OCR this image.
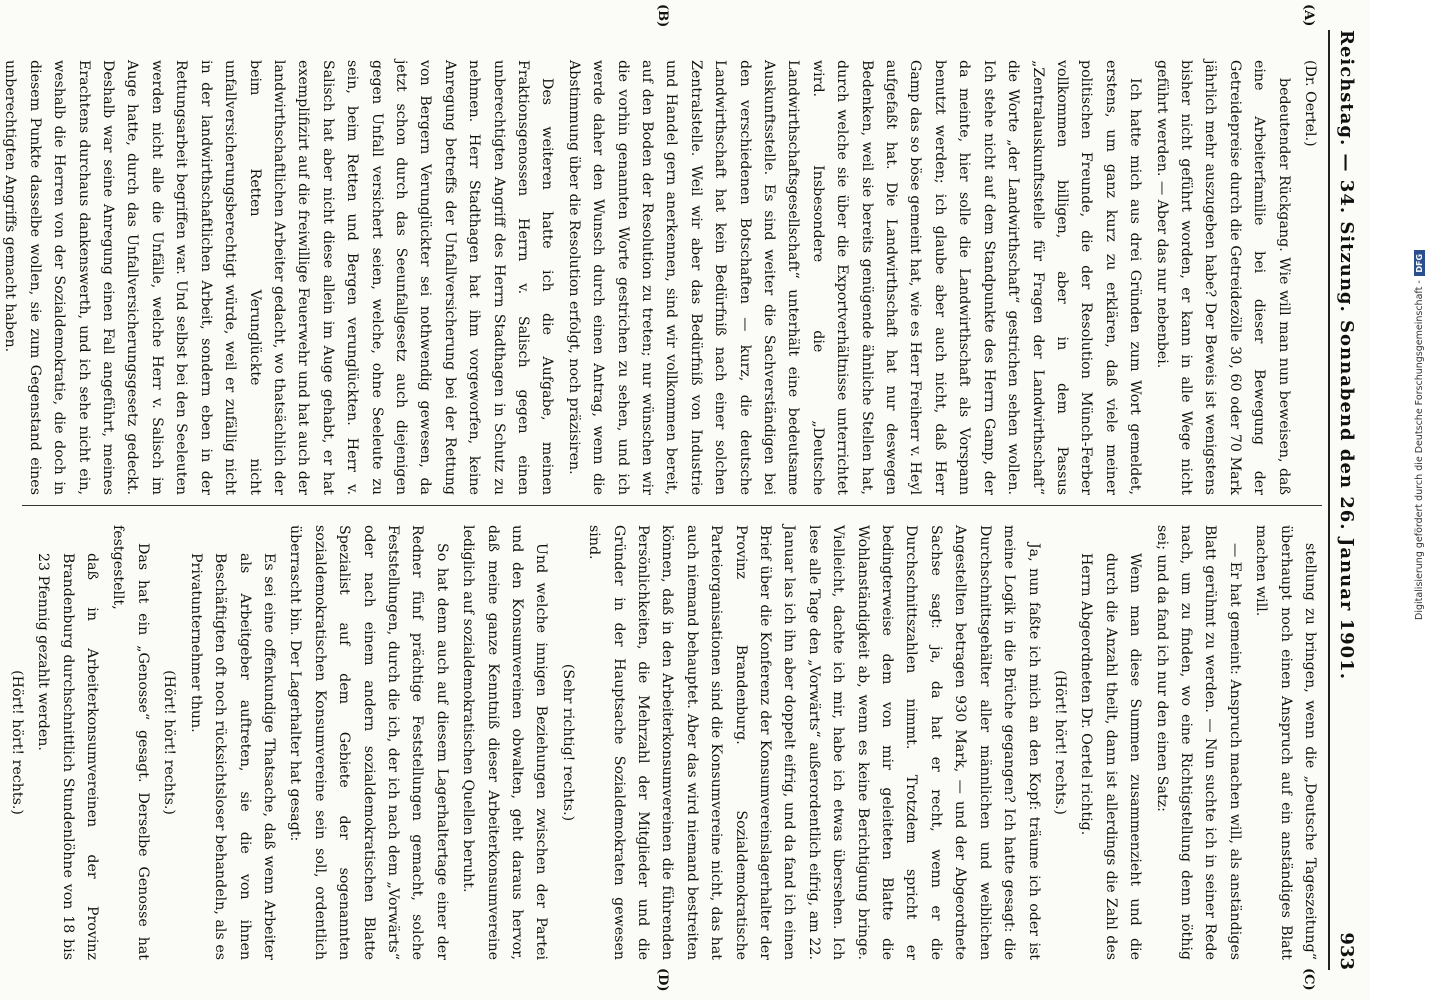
Reichstag. — 34. Sitzung. Sonnabend den 26. Januar 1901.
933
(A)
(B)
(C)
(D)

(Dr. Oertel.)

bedeutender Rückgang. Wie will man nun beweisen, daß eine Arbeiterfamilie bei dieser Bewegung der Getreidepreise durch die Getreidezölle 30, 60 oder 70 Mark jährlich mehr auszugeben habe? Der Beweis ist wenigstens bisher nicht geführt worden, er kann in alle Wege nicht geführt werden. — Aber das nur nebenbei.

Ich hatte mich aus drei Gründen zum Wort gemeldet, erstens, um ganz kurz zu erklären, daß viele meiner politischen Freunde, die der Resolution Münch-Ferber vollkommen billigen, aber in dem Passus „Zentralauskunftsstelle für Fragen der Landwirthschaft“ die Worte „der Landwirthschaft“ gestrichen sehen wollen. Ich stehe nicht auf dem Standpunkte des Herrn Gamp, der da meinte, hier solle die Landwirthschaft als Vorspann benutzt werden; ich glaube aber auch nicht, daß Herr Gamp das so böse gemeint hat, wie es Herr Freiherr v. Heyl aufgefaßt hat. Die Landwirthschaft hat nur deswegen Bedenken, weil sie bereits genügende ähnliche Stellen hat, durch welche sie über die Exportverhältnisse unterrichtet wird. Insbesondere die „Deutsche Landwirthschaftsgesellschaft“ unterhält eine bedeutsame Auskunftsstelle. Es sind weiter die Sachverständigen bei den verschiedenen Botschaften — kurz, die deutsche Landwirthschaft hat kein Bedürfniß nach einer solchen Zentralstelle. Weil wir aber das Bedürfniß von Industrie und Handel gern anerkennen, sind wir vollkommen bereit, auf den Boden der Resolution zu treten; nur wünschen wir die vorhin genannten Worte gestrichen zu sehen, und ich werde daher den Wunsch durch einen Antrag, wenn die Abstimmung über die Resolution erfolgt, noch präzisiren.

Des weiteren hatte ich die Aufgabe, meinen Fraktionsgenossen Herrn v. Salisch gegen einen unberechtigten Angriff des Herrn Stadthagen in Schutz zu nehmen. Herr Stadthagen hat ihm vorgeworfen, keine Anregung betreffs der Unfallversicherung bei der Rettung von Bergern Verunglückter sei nothwendig gewesen, da jetzt schon durch das Seeunfallgesetz auch diejenigen gegen Unfall versichert seien, welche, ohne Seeleute zu sein, beim Retten und Bergen verunglückten. Herr v. Salisch hat aber nicht diese allein im Auge gehabt, er hat exemplifizirt auf die freiwillige Feuerwehr und hat auch der landwirthschaftlichen Arbeiter gedacht, wo thatsächlich der beim Retten Verunglückte nicht unfallversicherungsberechtigt würde, weil er zufällig nicht in der landwirthschaftlichen Arbeit, sondern eben in der Rettungsarbeit begriffen war. Und selbst bei den Seeleuten werden nicht alle die Unfälle, welche Herr v. Salisch im Auge hatte, durch das Unfallversicherungsgesetz gedeckt. Deshalb war seine Anregung einen Fall angeführt, meines Erachtens durchaus dankenswerth, und ich sehe nicht ein, weshalb die Herren von der Sozialdemokratie, die doch in diesem Punkte dasselbe wollen, sie zum Gegenstand eines unberechtigten Angriffs gemacht haben.

stellung zu bringen, wenn die „Deutsche Tageszeitung“ überhaupt noch einen Anspruch auf ein anständiges Blatt machen will.

— Er hat gemeint: Anspruch machen will, als anständiges Blatt gerühmt zu werden. — Nun suchte ich in seiner Rede nach, um zu finden, wo eine Richtigstellung denn nöthig sei; und da fand ich nur den einen Satz:

Wenn man diese Summen zusammenzieht und die durch die Anzahl theilt, dann ist allerdings die Zahl des Herrn Abgeordneten Dr. Oertel richtig.

(Hört! hört! rechts.)

Ja, nun faßte ich mich an den Kopf: träume ich oder ist meine Logik in die Brüche gegangen? Ich hatte gesagt: die Durchschnittsgehälter aller männlichen und weiblichen Angestellten betragen 930 Mark, — und der Abgeordnete Sachse sagt: ja, da hat er recht, wenn er die Durchschnittszahlen nimmt. Trotzdem spricht er bedingterweise dem von mir geleiteten Blatte die Wohlanständigkeit ab, wenn es keine Berichtigung bringe. Vielleicht, dachte ich mir, habe ich etwas übersehen. Ich lese alle Tage den „Vorwärts“ außerordentlich eifrig, am 22. Januar las ich ihn aber doppelt eifrig, und da fand ich einen Brief über die Konferenz der Konsumvereinslagerhalter der Provinz Brandenburg. Sozialdemokratische Parteiorganisationen sind die Konsumvereine nicht, das hat auch niemand behauptet. Aber das wird niemand bestreiten können, daß in den Arbeiterkonsumvereinen die führenden Persönlichkeiten, die Mehrzahl der Mitglieder und die Gründer in der Hauptsache Sozialdemokraten gewesen sind.

(Sehr richtig! rechts.)

Und welche innigen Beziehungen zwischen der Partei und den Konsumvereinen obwalten, geht daraus hervor, daß meine ganze Kenntniß dieser Arbeiterkonsumvereine lediglich auf sozialdemokratischen Quellen beruht.

So hat denn auch auf diesem Lagerhaltertage einer der Redner fünf prächtige Feststellungen gemacht, solche Feststellungen, durch die ich, der ich nach dem „Vorwärts“ oder nach einem andern sozialdemokratischen Blatte Spezialist auf dem Gebiete der sogenannten sozialdemokratischen Konsumvereine sein soll, ordentlich überrascht bin. Der Lagerhalter hat gesagt:

Es sei eine offenkundige Thatsache, daß wenn Arbeiter als Arbeitgeber auftreten, sie die von ihnen Beschäftigten oft noch rücksichtsloser behandeln, als es Privatunternehmer thun.

(Hört! hört! rechts.)

Das hat ein „Genosse“ gesagt. Derselbe Genosse hat festgestellt,

daß in Arbeiterkonsumvereinen der Provinz Brandenburg durchschnittlich Stundenlöhne von 18 bis 23 Pfennig gezahlt werden.

(Hört! hört! rechts.)

Digitalisierung gefördert durch die Deutsche Forschungsgemeinschaft -
DFG
